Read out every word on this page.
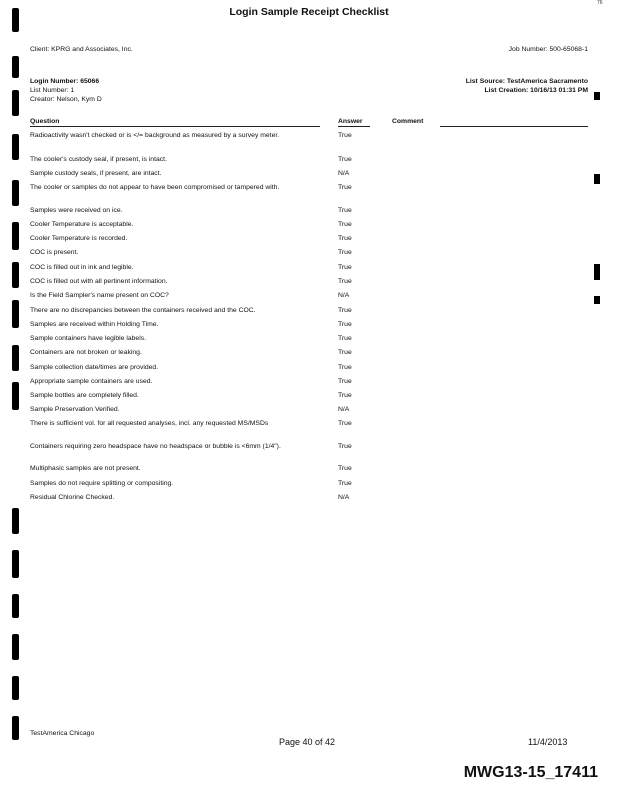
Login Sample Receipt Checklist
76
Client: KPRG and Associates, Inc.	Job Number: 500-65068-1
Login Number: 65066
List Number: 1
Creator: Nelson, Kym D
List Source: TestAmerica Sacramento
List Creation: 10/16/13 01:31 PM
Question	Answer	Comment
Radioactivity wasn't checked or is </= background as measured by a survey meter.	True
The cooler's custody seal, if present, is intact.	True
Sample custody seals, if present, are intact.	N/A
The cooler or samples do not appear to have been compromised or tampered with.	True
Samples were received on ice.	True
Cooler Temperature is acceptable.	True
Cooler Temperature is recorded.	True
COC is present.	True
COC is filled out in ink and legible.	True
COC is filled out with all pertinent information.	True
Is the Field Sampler's name present on COC?	N/A
There are no discrepancies between the containers received and the COC.	True
Samples are received within Holding Time.	True
Sample containers have legible labels.	True
Containers are not broken or leaking.	True
Sample collection date/times are provided.	True
Appropriate sample containers are used.	True
Sample bottles are completely filled.	True
Sample Preservation Verified.	N/A
There is sufficient vol. for all requested analyses, incl. any requested MS/MSDs	True
Containers requiring zero headspace have no headspace or bubble is <6mm (1/4").	True
Multiphasic samples are not present.	True
Samples do not require splitting or compositing.	True
Residual Chlorine Checked.	N/A
TestAmerica Chicago
Page 40 of 42	11/4/2013
MWG13-15_17411
